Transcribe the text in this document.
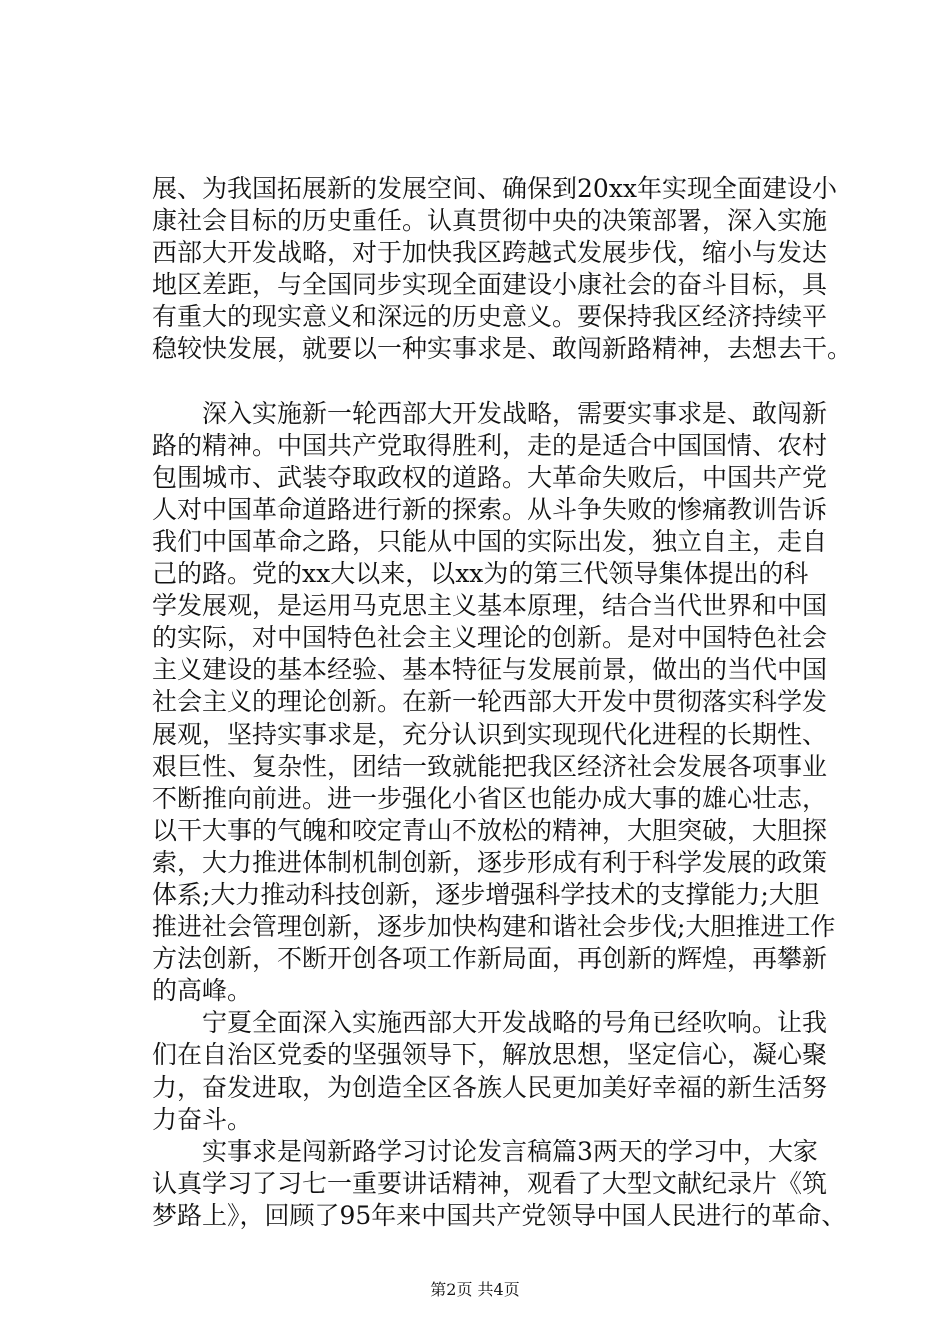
展、为我国拓展新的发展空间、确保到20xx年实现全面建设小
康社会目标的历史重任。认真贯彻中央的决策部署，深入实施
西部大开发战略，对于加快我区跨越式发展步伐，缩小与发达
地区差距，与全国同步实现全面建设小康社会的奋斗目标，具
有重大的现实意义和深远的历史意义。要保持我区经济持续平
稳较快发展，就要以一种实事求是、敢闯新路精神，去想去干。
　　深入实施新一轮西部大开发战略，需要实事求是、敢闯新
路的精神。中国共产党取得胜利，走的是适合中国国情、农村
包围城市、武装夺取政权的道路。大革命失败后，中国共产党
人对中国革命道路进行新的探索。从斗争失败的惨痛教训告诉
我们中国革命之路，只能从中国的实际出发，独立自主，走自
己的路。党的xx大以来，以xx为的第三代领导集体提出的科
学发展观，是运用马克思主义基本原理，结合当代世界和中国
的实际，对中国特色社会主义理论的创新。是对中国特色社会
主义建设的基本经验、基本特征与发展前景，做出的当代中国
社会主义的理论创新。在新一轮西部大开发中贯彻落实科学发
展观，坚持实事求是，充分认识到实现现代化进程的长期性、
艰巨性、复杂性，团结一致就能把我区经济社会发展各项事业
不断推向前进。进一步强化小省区也能办成大事的雄心壮志，
以干大事的气魄和咬定青山不放松的精神，大胆突破，大胆探
索，大力推进体制机制创新，逐步形成有利于科学发展的政策
体系;大力推动科技创新，逐步增强科学技术的支撑能力;大胆
推进社会管理创新，逐步加快构建和谐社会步伐;大胆推进工作
方法创新，不断开创各项工作新局面，再创新的辉煌，再攀新
的高峰。
　　宁夏全面深入实施西部大开发战略的号角已经吹响。让我
们在自治区党委的坚强领导下，解放思想，坚定信心，凝心聚
力，奋发进取，为创造全区各族人民更加美好幸福的新生活努
力奋斗。
　　实事求是闯新路学习讨论发言稿篇3两天的学习中，大家
认真学习了习七一重要讲话精神，观看了大型文献纪录片《筑
梦路上》，回顾了95年来中国共产党领导中国人民进行的革命、
第2页 共4页
